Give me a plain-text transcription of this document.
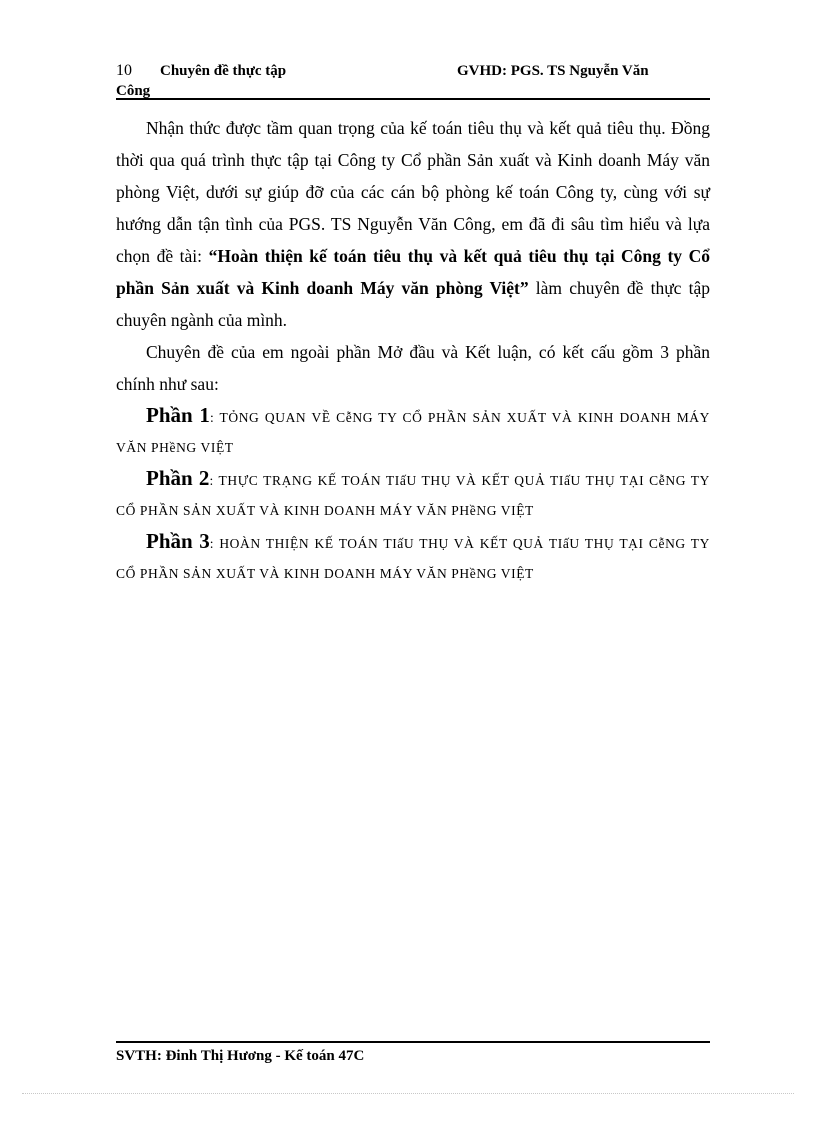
10	Chuyên đề thực tập	GVHD: PGS. TS Nguyễn Văn
Công

Nhận thức được tầm quan trọng của kế toán tiêu thụ và kết quả tiêu thụ. Đồng thời qua quá trình thực tập tại Công ty Cổ phần Sản xuất và Kinh doanh Máy văn phòng Việt, dưới sự giúp đỡ của các cán bộ phòng kế toán Công ty, cùng với sự hướng dẫn tận tình của PGS. TS Nguyễn Văn Công, em đã đi sâu tìm hiểu và lựa chọn đề tài: “Hoàn thiện kế toán tiêu thụ và kết quả tiêu thụ tại Công ty Cổ phần Sản xuất và Kinh doanh Máy văn phòng Việt” làm chuyên đề thực tập chuyên ngành của mình.

Chuyên đề của em ngoài phần Mở đầu và Kết luận, có kết cấu gồm 3 phần chính như sau:

Phần 1: TỎNG QUAN VỀ CễNG TY CỔ PHẦN SẢN XUẤT VÀ KINH DOANH MÁY VĂN PHềNG VIỆT

Phần 2: THỰC TRẠNG KẾ TOÁN TIấU THỤ VÀ KẾT QUẢ TIấU THỤ TẠI CễNG TY CỔ PHẦN SẢN XUẤT VÀ KINH DOANH MÁY VĂN PHềNG VIỆT

Phần 3: HOÀN THIỆN KẾ TOÁN TIấU THỤ VÀ KẾT QUẢ TIấU THỤ TẠI CễNG TY CỔ PHẦN SẢN XUẤT VÀ KINH DOANH MÁY VĂN PHềNG VIỆT

SVTH: Đinh Thị Hương - Kế toán 47C
